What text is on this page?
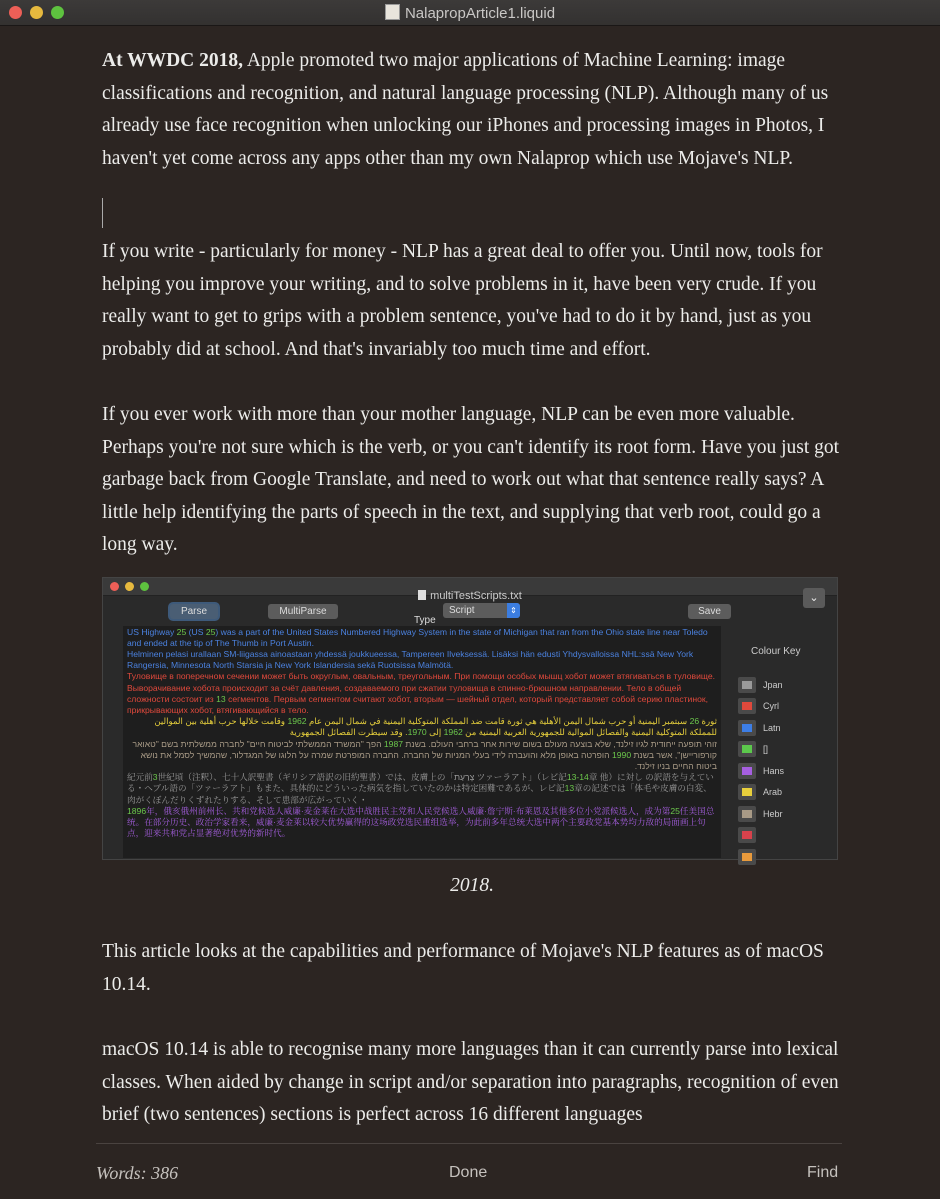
NalapropArticle1.liquid

At WWDC 2018, Apple promoted two major applications of Machine Learning: image classifications and recognition, and natural language processing (NLP). Although many of us already use face recognition when unlocking our iPhones and processing images in Photos, I haven't yet come across any apps other than my own Nalaprop which use Mojave's NLP.

If you write - particularly for money - NLP has a great deal to offer you. Until now, tools for helping you improve your writing, and to solve problems in it, have been very crude. If you really want to get to grips with a problem sentence, you've had to do it by hand, just as you probably did at school. And that's invariably too much time and effort.

If you ever work with more than your mother language, NLP can be even more valuable. Perhaps you're not sure which is the verb, or you can't identify its root form. Have you just got garbage back from Google Translate, and need to work out what that sentence really says? A little help identifying the parts of speech in the text, and supplying that verb root, could go a long way.

multiTestScripts.txt
Parse	MultiParse
Type
Script	⇕	Save
⌄
US Highway 25 (US 25) was a part of the United States Numbered Highway System in the state of Michigan that ran from the Ohio state line near Toledo and ended at the tip of The Thumb in Port Austin.
Helminen pelasi urallaan SM-liigassa ainoastaan yhdessä joukkueessa, Tampereen Ilveksessä. Lisäksi hän edusti Yhdysvalloissa NHL:ssä New York Rangersia, Minnesota North Starsia ja New York Islandersia sekä Ruotsissa Malmötä.
Туловище в поперечном сечении может быть округлым, овальным, треугольным. При помощи особых мышц хобот может втягиваться в туловище. Выворачивание хобота происходит за счёт давления, создаваемого при сжатии туловища в спинно-брюшном направлении. Тело в общей сложности состоит из 13 сегментов. Первым сегментом считают хобот, вторым — шейный отдел, который представляет собой серию пластинок, прикрывающих хобот, втягивающийся в тело.
ثورة 26 سبتمبر اليمنية أو حرب شمال اليمن الأهلية هي ثورة قامت ضد المملكة المتوكلية اليمنية في شمال اليمن عام 1962 وقامت خلالها حرب أهلية بين الموالين للمملكة المتوكلية اليمنية والفصائل الموالية للجمهورية العربية اليمنية من 1962 إلى 1970. وقد سيطرت الفصائل الجمهورية
זוהי תופעה ייחודית לגיו זילנד, שלא בוצעה מעולם בשום שירות אחר ברחבי העולם. בשנת 1987 הפך "המשרד הממשלתי לביטוח חיים" לחברה ממשלתית בשם "טאואר קורפוריישן", אשר בשנת 1990 הופרטה באופן מלא והועברה לידי בעלי המניות של החברה. החברה המופרטת שמרה על הלוגו של המגדלור, שהמשיך לסמל את נושא ביטוח החיים בניו זילנד.
紀元前3世紀頃（注釈）、七十人訳聖書（ギリシア語訳の旧約聖書）では、皮膚上の「צָרַעַת ツァーラアト」（レビ記13-14章 他）に対し の訳語を与えている・ヘブル語の「ツァーラアト」もまた、具体的にどういった病気を指していたのかは特定困難であるが、レビ記13章の記述では「体毛や皮膚の白変、肉がくぼんだりくずれたりする、そして患部が広がっていく・
1896年，俄亥俄州前州长、共和党候选人威廉·麦金莱在大选中战胜民主党和人民党候选人威廉·詹宁斯·布莱恩及其他多位小党派候选人，成为第25任美国总统。在部分历史、政治学家看来，威廉·麦金莱以较大优势赢得的这场政党选民重组选举，为此前多年总统大选中两个主要政党基本势均力敌的局面画上句点，迎来共和党占显著绝对优势的新时代。
Colour Key
Jpan
Cyrl
Latn
[]
Hans
Arab
Hebr
2018.

This article looks at the capabilities and performance of Mojave's NLP features as of macOS 10.14.

macOS 10.14 is able to recognise many more languages than it can currently parse into lexical classes. When aided by change in script and/or separation into paragraphs, recognition of even brief (two sentences) sections is perfect across 16 different languages

Words: 386	Done	Find
